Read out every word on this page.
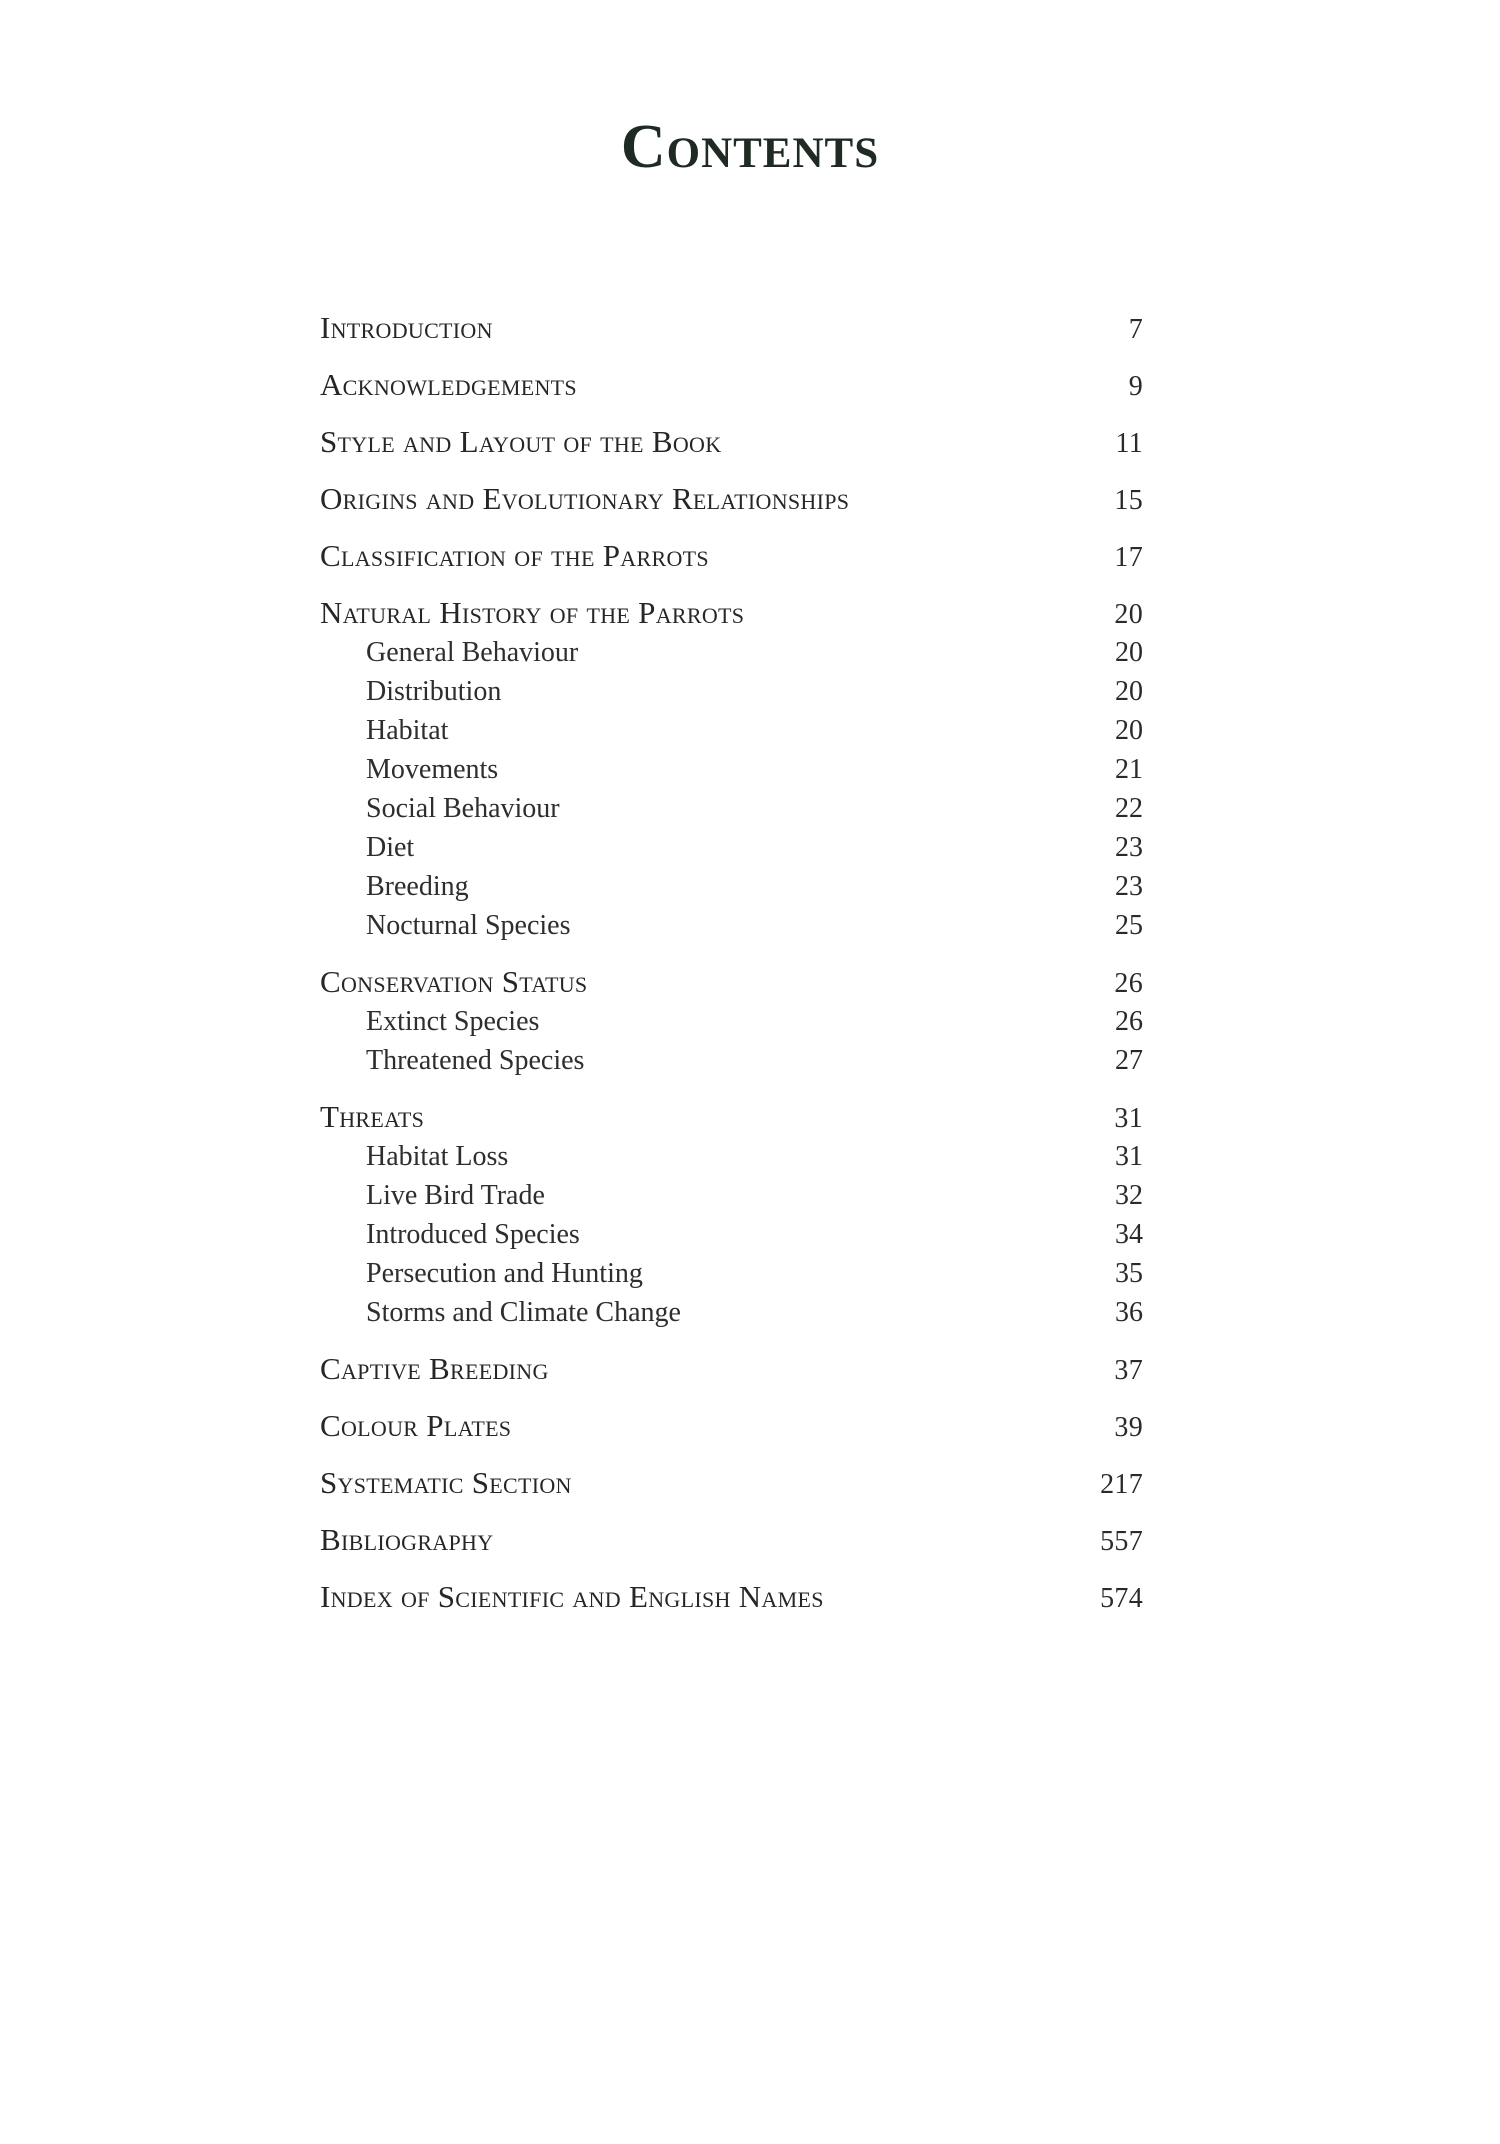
Contents
Introduction	7
Acknowledgements	9
Style and Layout of the Book	11
Origins and Evolutionary Relationships	15
Classification of the Parrots	17
Natural History of the Parrots	20
General Behaviour	20
Distribution	20
Habitat	20
Movements	21
Social Behaviour	22
Diet	23
Breeding	23
Nocturnal Species	25
Conservation Status	26
Extinct Species	26
Threatened Species	27
Threats	31
Habitat Loss	31
Live Bird Trade	32
Introduced Species	34
Persecution and Hunting	35
Storms and Climate Change	36
Captive Breeding	37
Colour Plates	39
Systematic Section	217
Bibliography	557
Index of Scientific and English Names	574
